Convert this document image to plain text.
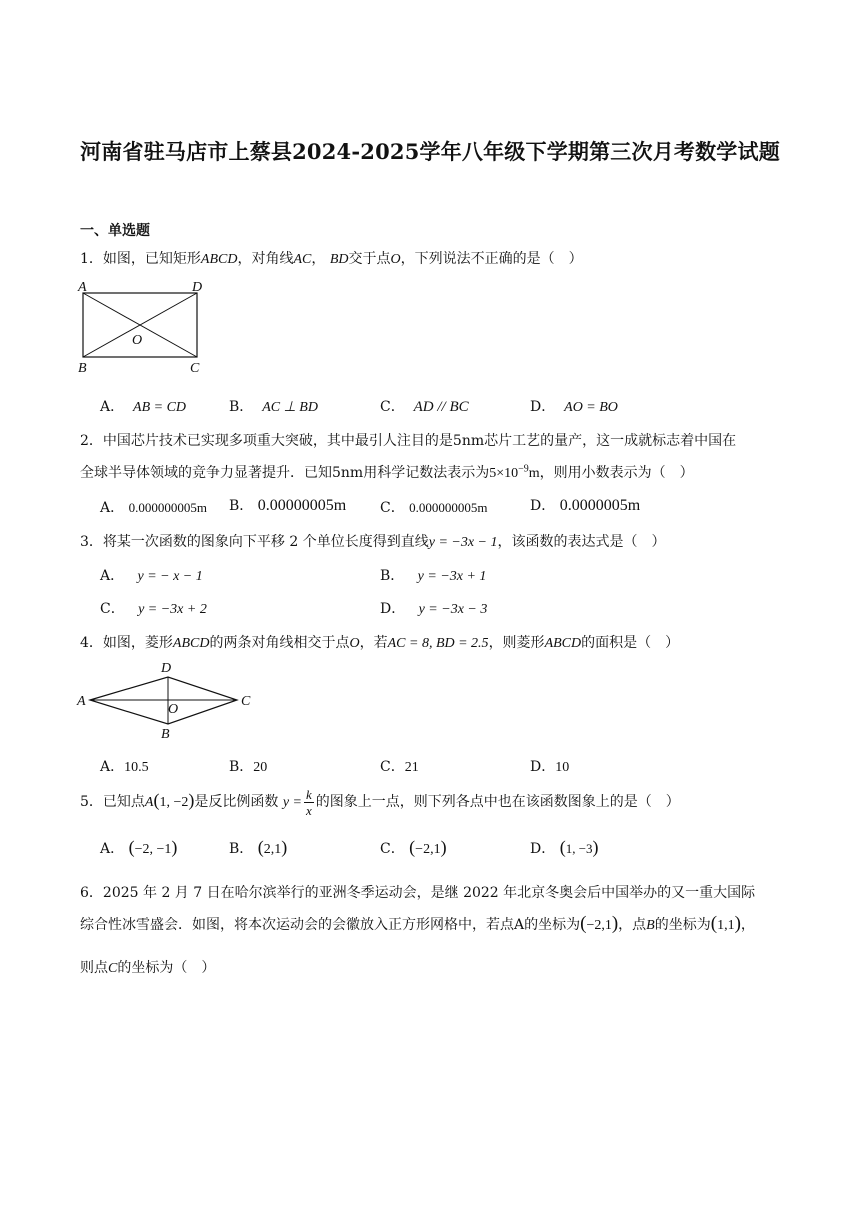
河南省驻马店市上蔡县2024-2025学年八年级下学期第三次月考数学试题
一、单选题
1．如图，已知矩形ABCD，对角线AC， BD交于点O，下列说法不正确的是（　）
A	D
O
B	C
A． AB = CD	B． AC ⊥ BD	C． AD // BC	D． AO = BO
2．中国芯片技术已实现多项重大突破，其中最引人注目的是5nm芯片工艺的量产，这一成就标志着中国在
全球半导体领域的竞争力显著提升．已知5nm用科学记数法表示为$5\times 10^{-9}m$，则用小数表示为（　）
A． 0.000000005m B． 0.00000005m C． 0.000000005m	D． 0.0000005m
3．将某一次函数的图象向下平移 2 个单位长度得到直线y = −3x − 1，该函数的表达式是（　）
A． y = − x − 1	B． y = −3x + 1
C． y = −3x + 2	D． y = −3x − 3
4．如图，菱形ABCD的两条对角线相交于点O，若AC = 8, BD = 2.5，则菱形ABCD的面积是（　）
A
D
O
C
B
A．10.5	B．20	C．21	D．10
5．已知点A(1, −2)是反比例函数 $y = \frac{k}{x}$ 的图象上一点，则下列各点中也在该函数图象上的是（　）
A． (−2, −1)	B． (2,1)	C． (−2,1)	D． (1, −3)
6．2025 年 2 月 7 日在哈尔滨举行的亚洲冬季运动会，是继 2022 年北京冬奥会后中国举办的又一重大国际
综合性冰雪盛会．如图，将本次运动会的会徽放入正方形网格中，若点A的坐标为(−2,1)，点B的坐标为(1,1)，
则点C的坐标为（　）
